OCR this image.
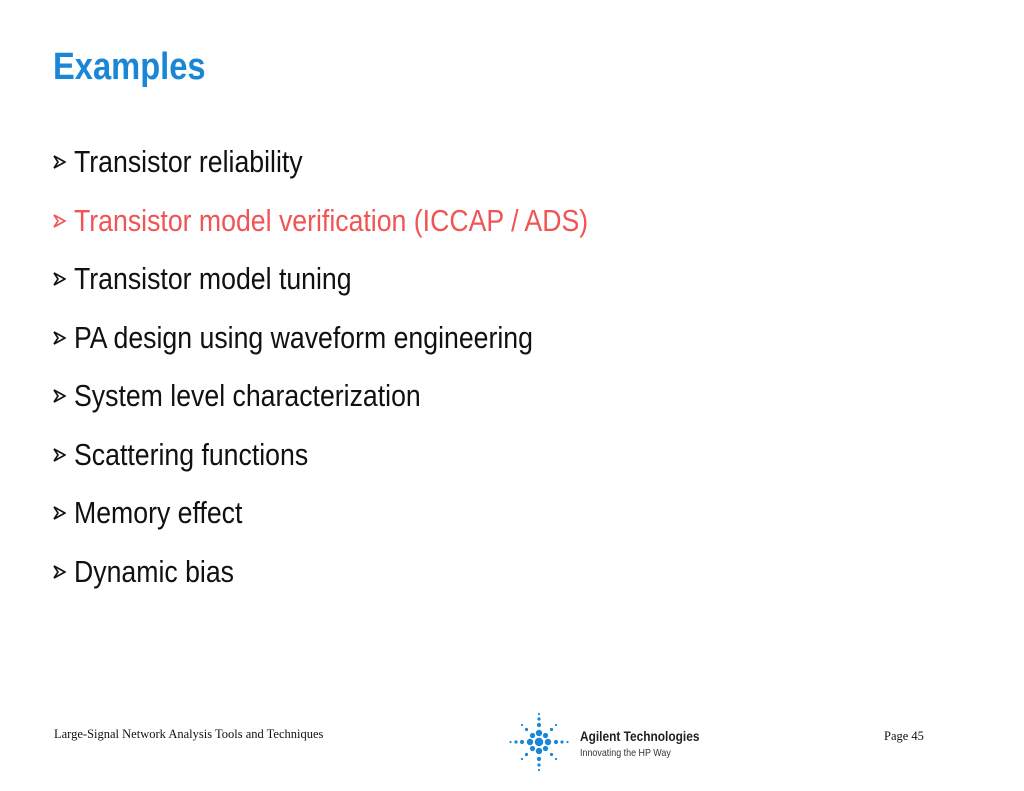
Examples
Transistor reliability
Transistor model verification (ICCAP / ADS)
Transistor model tuning
PA design using waveform engineering
System level characterization
Scattering functions
Memory effect
Dynamic bias
Large-Signal Network Analysis Tools and Techniques	Agilent Technologies
Innovating the HP Way
Page 45
